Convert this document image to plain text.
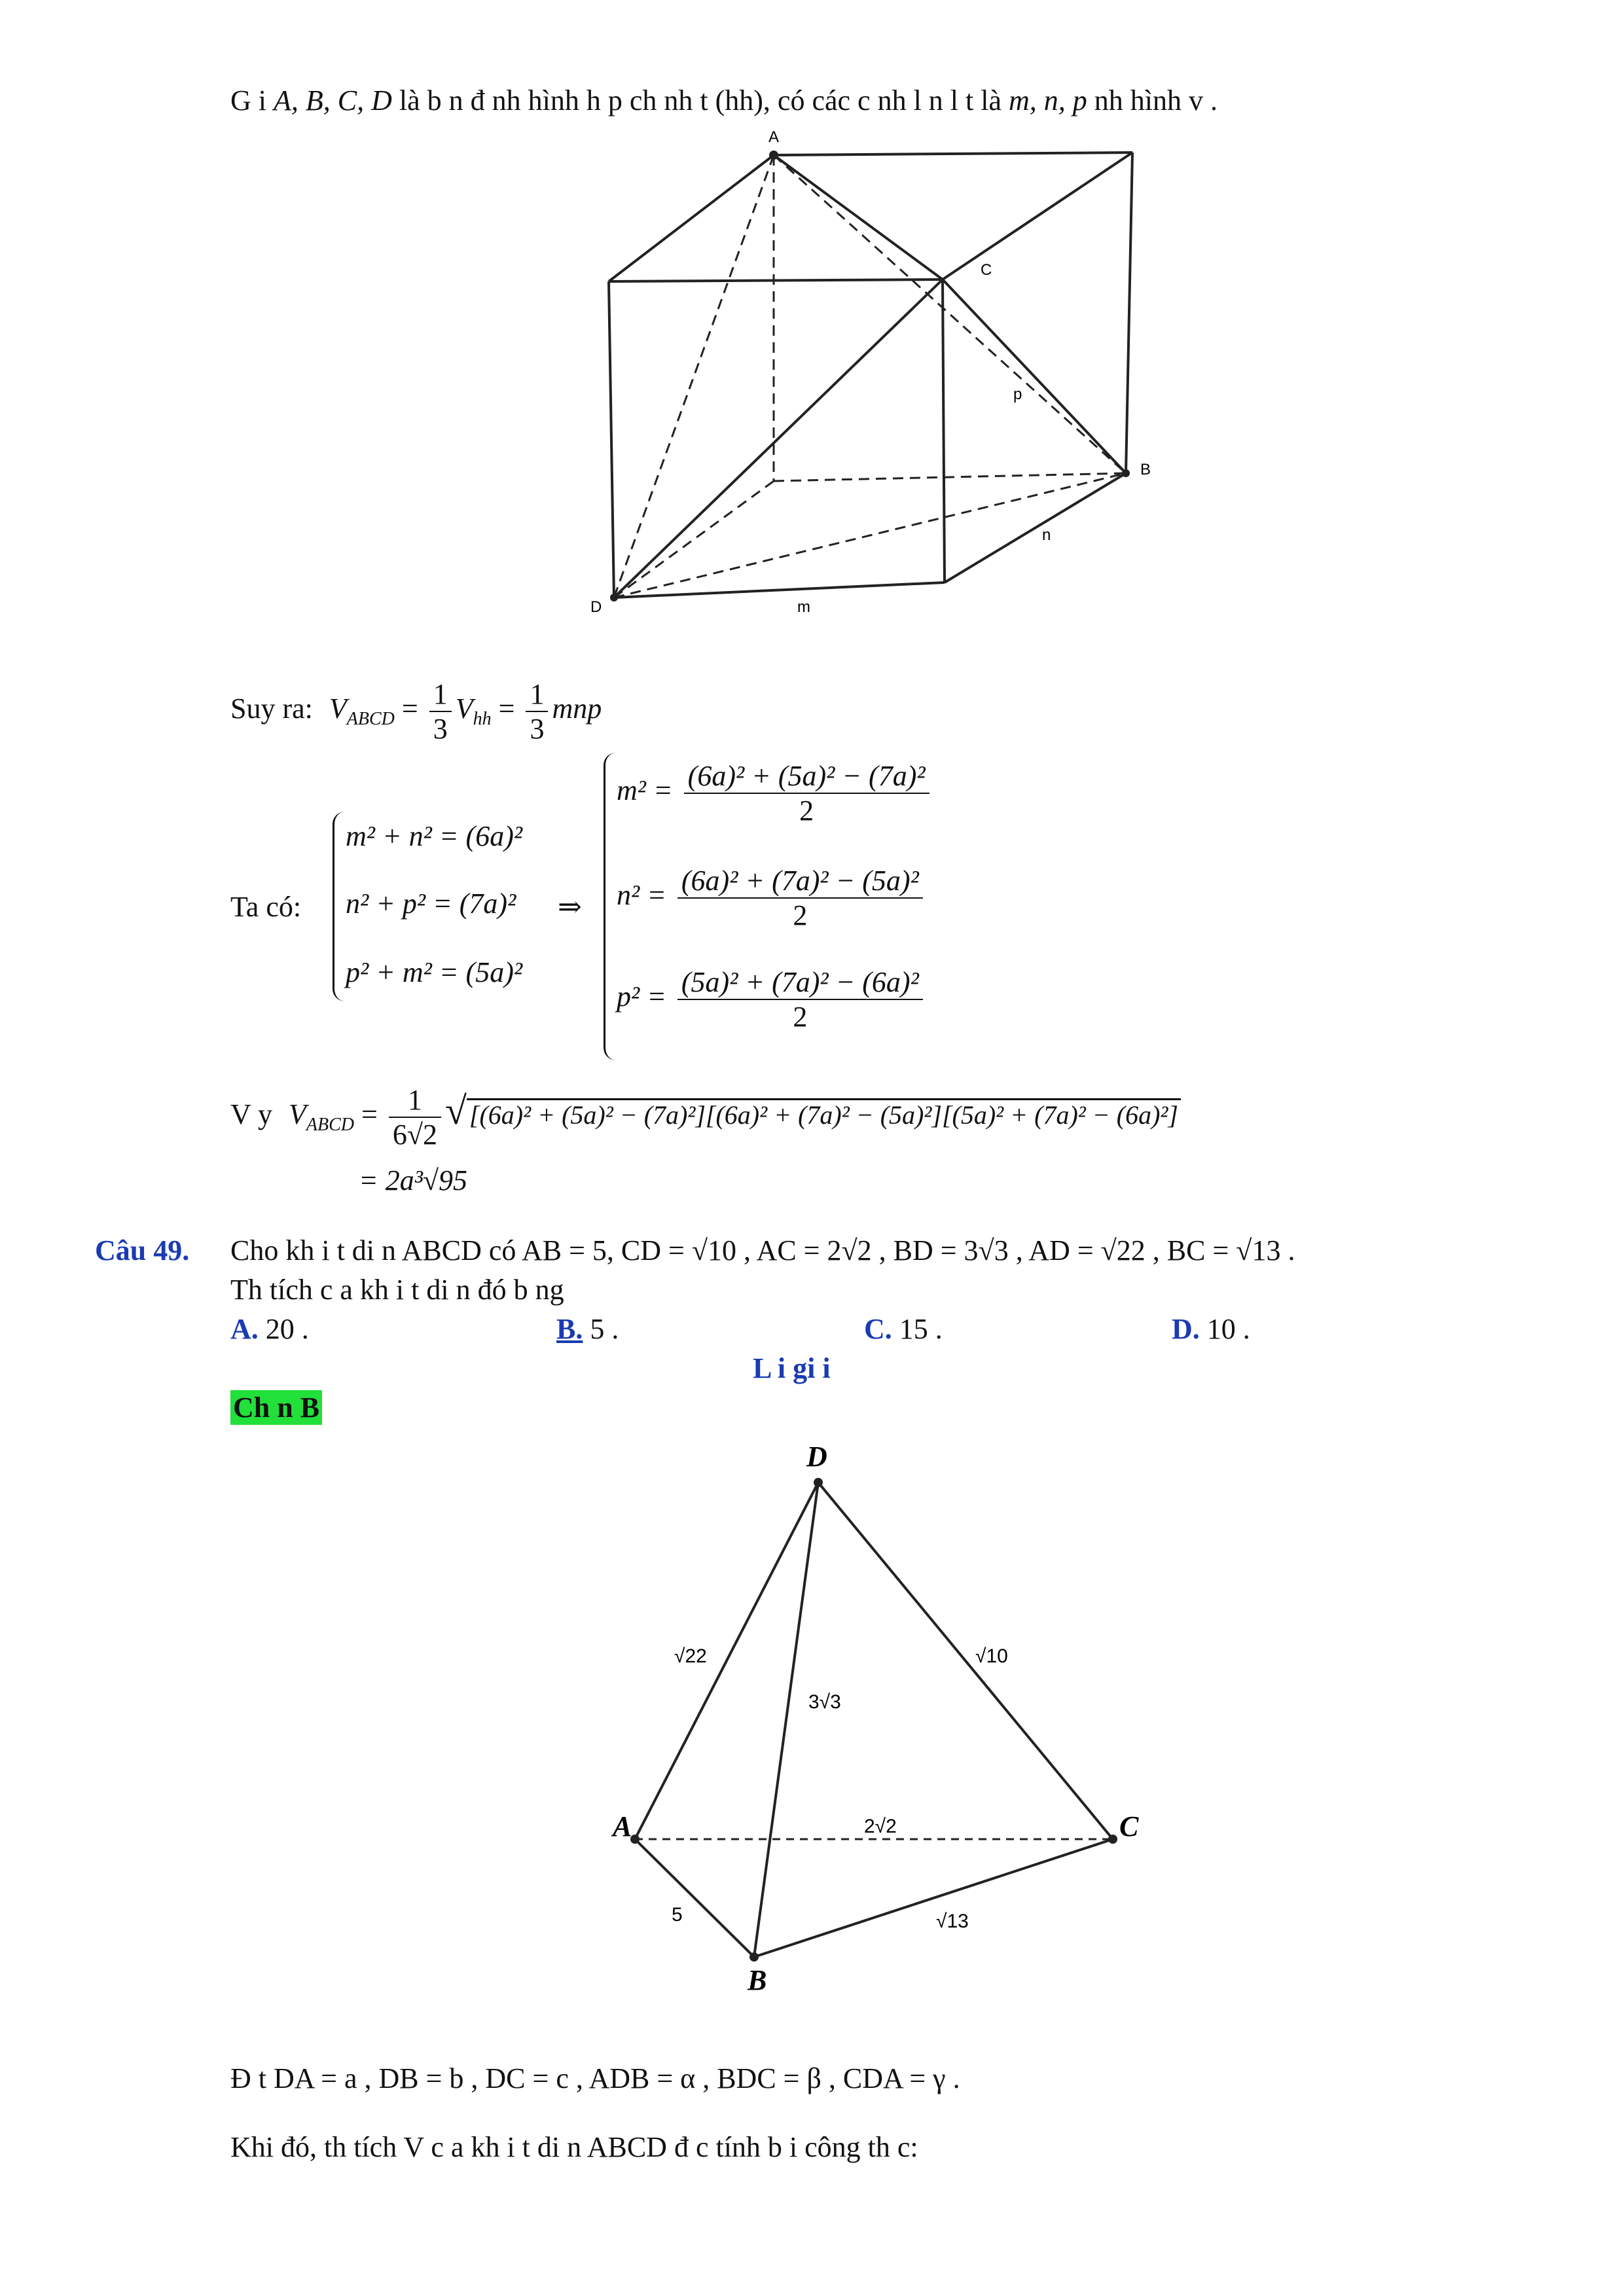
G i A, B, C, D là b n đ nh hình h p ch nh t (hh), có các c nh l n l t là m, n, p nh hình v .
A
C
p
B
n
D	m
Suy ra: $V_{ABCD} = \frac{1}{3} V_{hh} = \frac{1}{3}$ mnp
Ta có:
m² + n² = (6a)²
n² + p² = (7a)²
p² + m² = (5a)²
⇒
$m^2 = \frac{\text{(6a)² + (5a)² − (7a)²}}{2}$
$n^2 = \frac{\text{(6a)² + (7a)² − (5a)²}}{2}$
$p^2 = \frac{\text{(5a)² + (7a)² − (6a)²}}{2}$
V y $V_{ABCD} = \frac{1}{6√2}$ √ [(6a)² + (5a)² − (7a)²][(6a)² + (7a)² − (5a)²][(5a)² + (7a)² − (6a)²]
= 2a³√95
Câu 49. Cho kh i t di n ABCD có AB = 5, CD = √10 , AC = 2√2 , BD = 3√3 , AD = √22 , BC = √13 .
Th tích c a kh i t di n đó b ng
A. 20 .	B. 5 .	C. 15 .	D. 10 .
L i gi i
Ch n B
D
A	C
B
√22
3√3
√10
2√2
5	√13
Đ t DA = a , DB = b , DC = c , ADB = α , BDC = β , CDA = γ .
Khi đó, th tích V c a kh i t di n ABCD đ c tính b i công th c:
